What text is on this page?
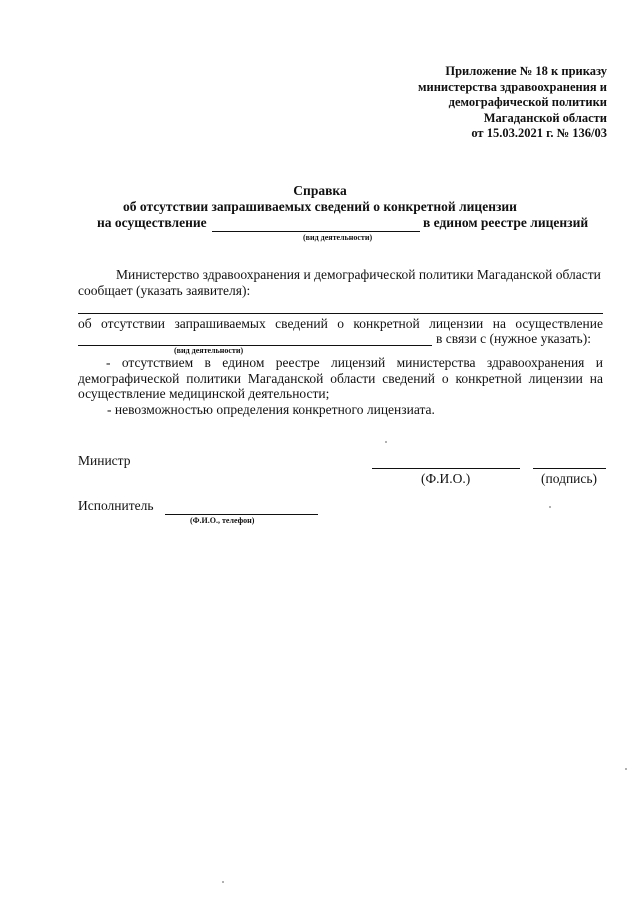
Приложение № 18 к приказу
министерства здравоохранения и
демографической политики
Магаданской области
от 15.03.2021 г. № 136/03
Справка
об отсутствии запрашиваемых сведений о конкретной лицензии
на осуществление	в едином реестре лицензий
(вид деятельности)
Министерство здравоохранения и демографической политики Магаданской области
сообщает (указать заявителя):
об отсутствии запрашиваемых сведений о конкретной лицензии на осуществление
в связи с (нужное указать):
(вид деятельности)
- отсутствием в едином реестре лицензий министерства здравоохранения и
демографической политики Магаданской области сведений о конкретной лицензии на
осуществление медицинской деятельности;
- невозможностью определения конкретного лицензиата.
Министр
(Ф.И.О.)	(подпись)
Исполнитель
(Ф.И.О., телефон)
